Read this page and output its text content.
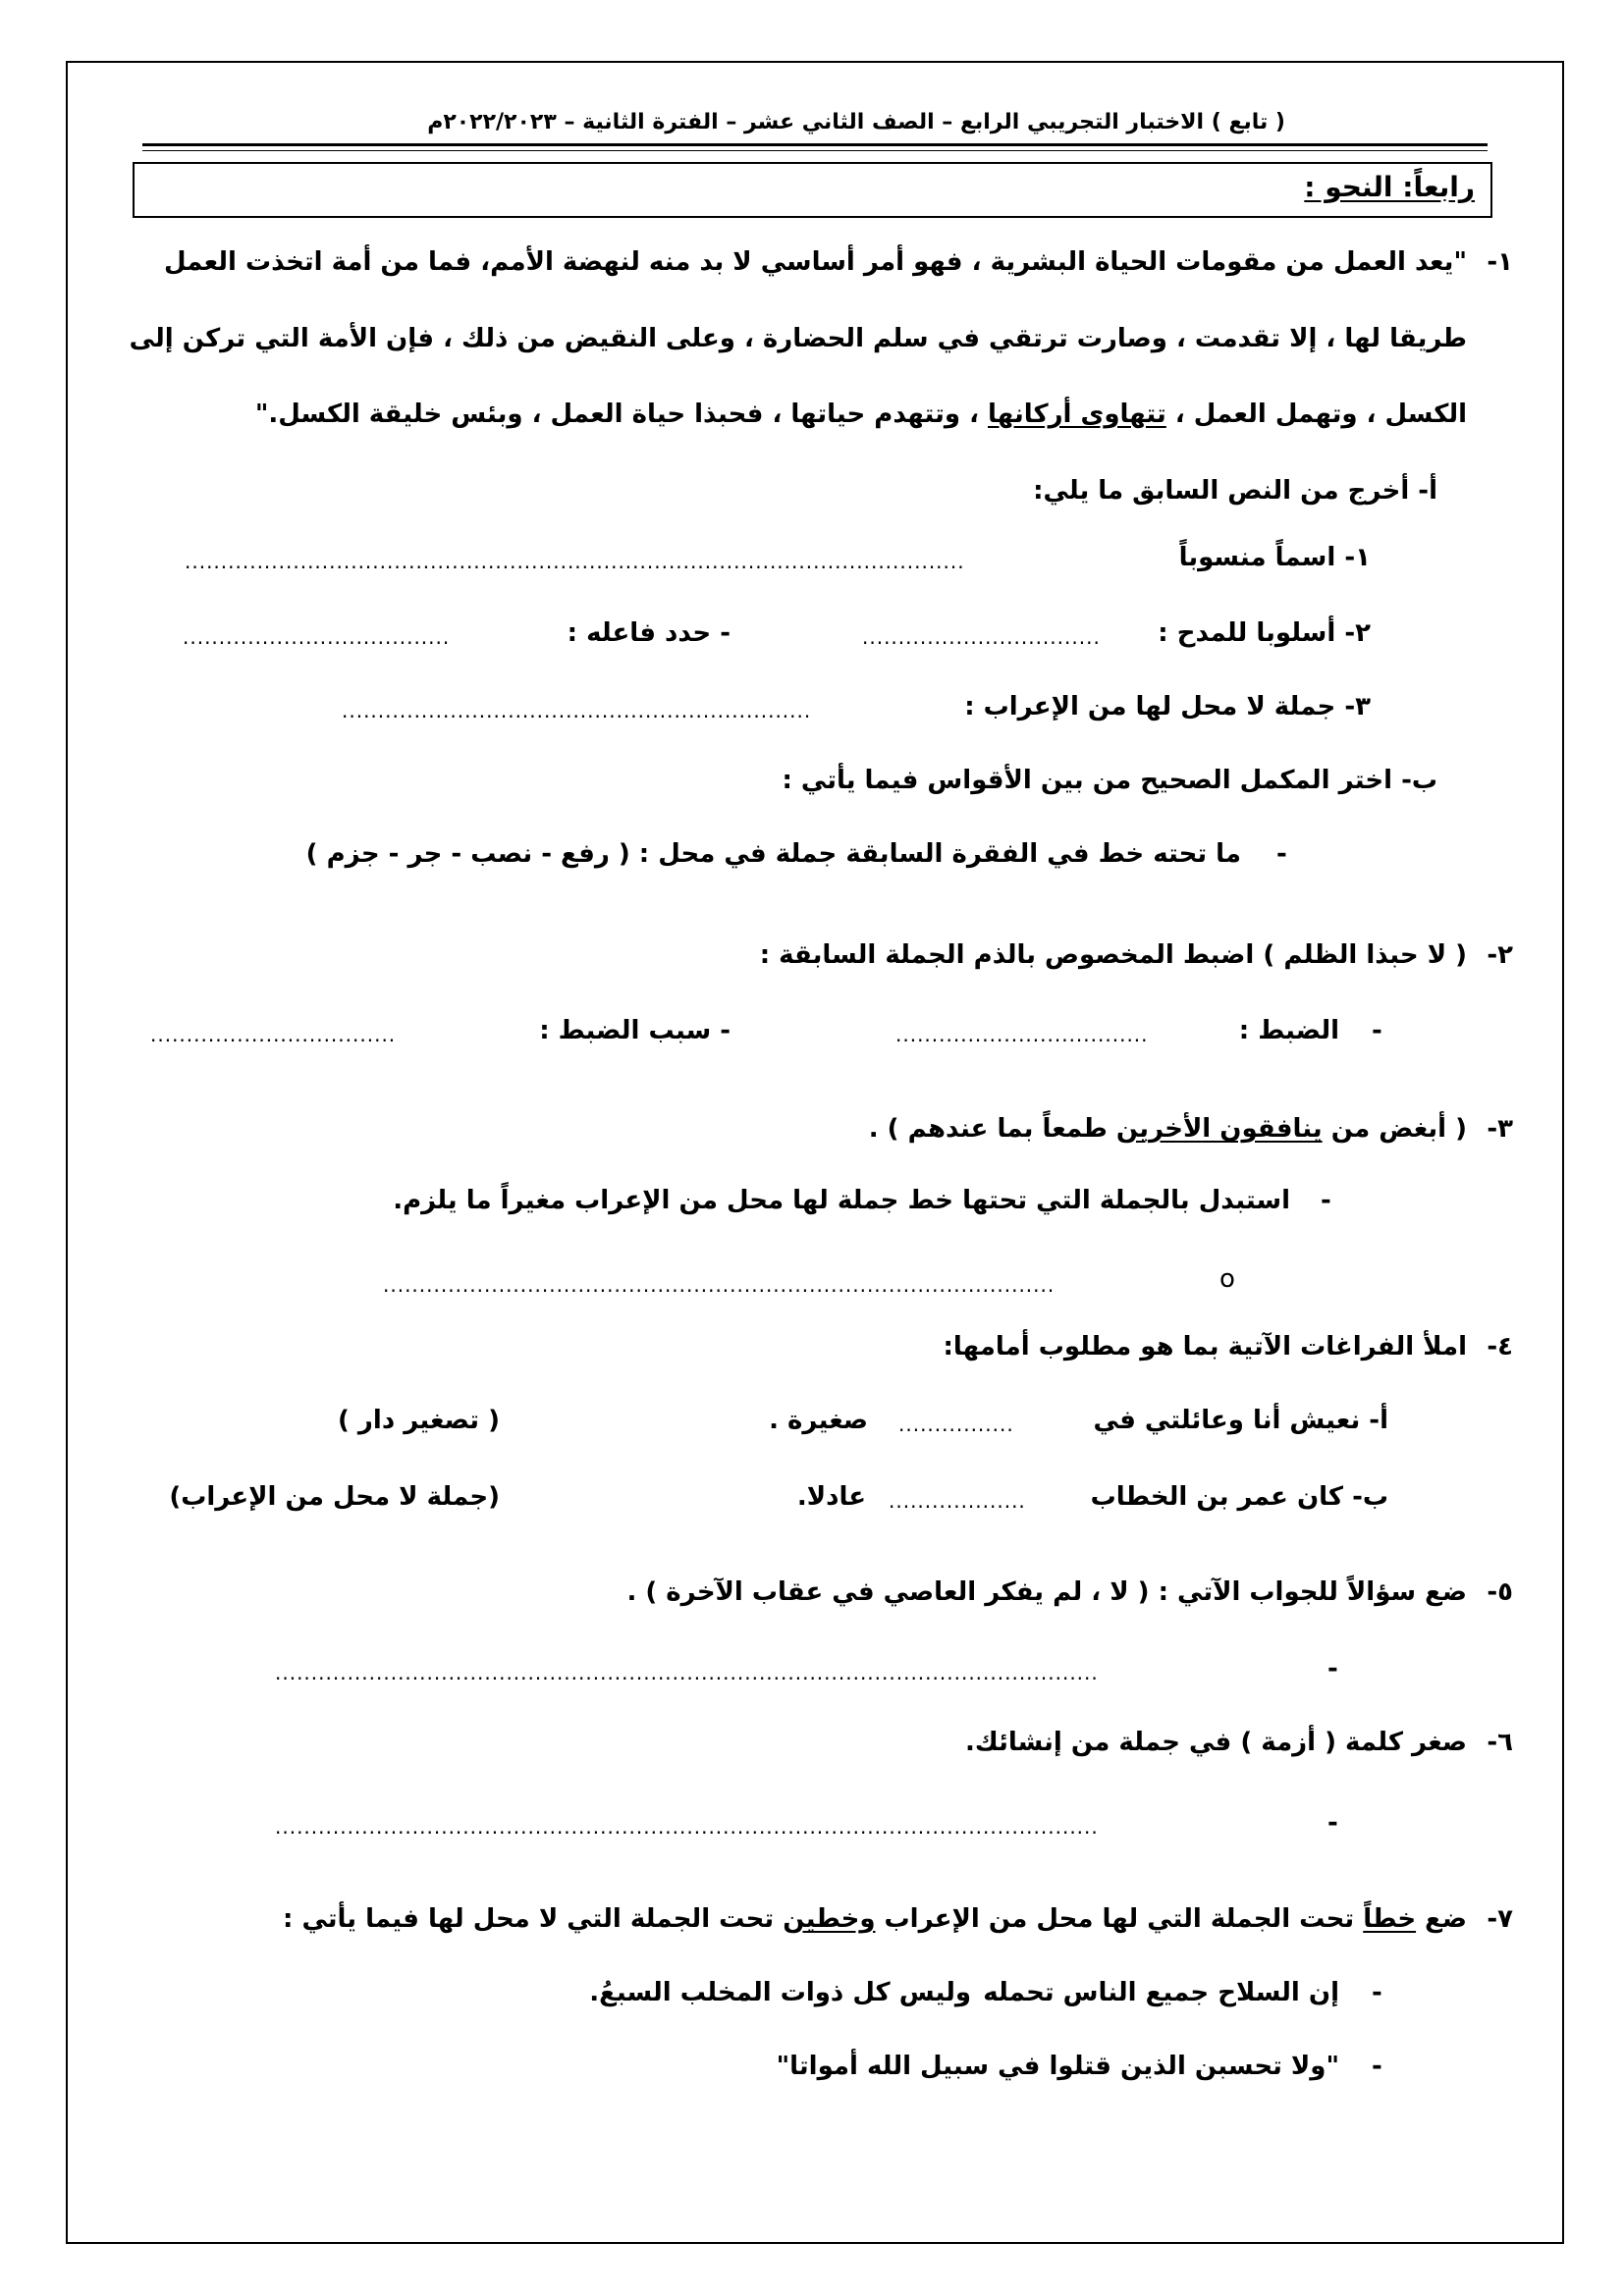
( تابع ) الاختبار التجريبي الرابع – الصف الثاني عشر – الفترة الثانية – ٢٠٢٢/٢٠٢٣م
رابعاً: النحو :
١-
"يعد العمل من مقومات الحياة البشرية ، فهو أمر أساسي لا بد منه لنهضة الأمم، فما من أمة اتخذت العمل
طريقا لها ، إلا تقدمت ، وصارت ترتقي في سلم الحضارة ، وعلى النقيض من ذلك ، فإن الأمة التي تركن إلى
الكسل ، وتهمل العمل ، تتهاوى أركانها ، وتتهدم حياتها ، فحبذا حياة العمل ، وبئس خليقة الكسل."
أ- أخرج من النص السابق ما يلي:
١- اسماً منسوباً
............................................................................................................
٢- أسلوبا للمدح :
.................................
- حدد فاعله :
.....................................
٣- جملة لا محل لها من الإعراب :
.................................................................
ب- اختر المكمل الصحيح من بين الأقواس فيما يأتي :
-
ما تحته خط في الفقرة السابقة جملة في محل : ( رفع - نصب - جر - جزم )
٢-
( لا حبذا الظلم ) اضبط المخصوص بالذم الجملة السابقة :
-
الضبط :
...................................
- سبب الضبط :
..................................
٣-
( أبغض من ينافقون الأخرين طمعاً بما عندهم ) .
-
استبدل بالجملة التي تحتها خط جملة لها محل من الإعراب مغيراً ما يلزم.
o
.............................................................................................
٤-
املأ الفراغات الآتية بما هو مطلوب أمامها:
أ- نعيش أنا وعائلتي في
................
صغيرة .
( تصغير دار )
ب- كان عمر بن الخطاب
...................
عادلا.
(جملة لا محل من الإعراب)
٥-
ضع سؤالاً للجواب الآتي : ( لا ، لم يفكر العاصي في عقاب الآخرة ) .
-
..................................................................................................................
٦-
صغر كلمة ( أزمة ) في جملة من إنشائك.
-
..................................................................................................................
٧-
ضع خطاً تحت الجملة التي لها محل من الإعراب وخطين تحت الجملة التي لا محل لها فيما يأتي :
-
إن السلاح جميع الناس تحمله
وليس كل ذوات المخلب السبعُ.
-
"ولا تحسبن الذين قتلوا في سبيل الله أمواتا"
